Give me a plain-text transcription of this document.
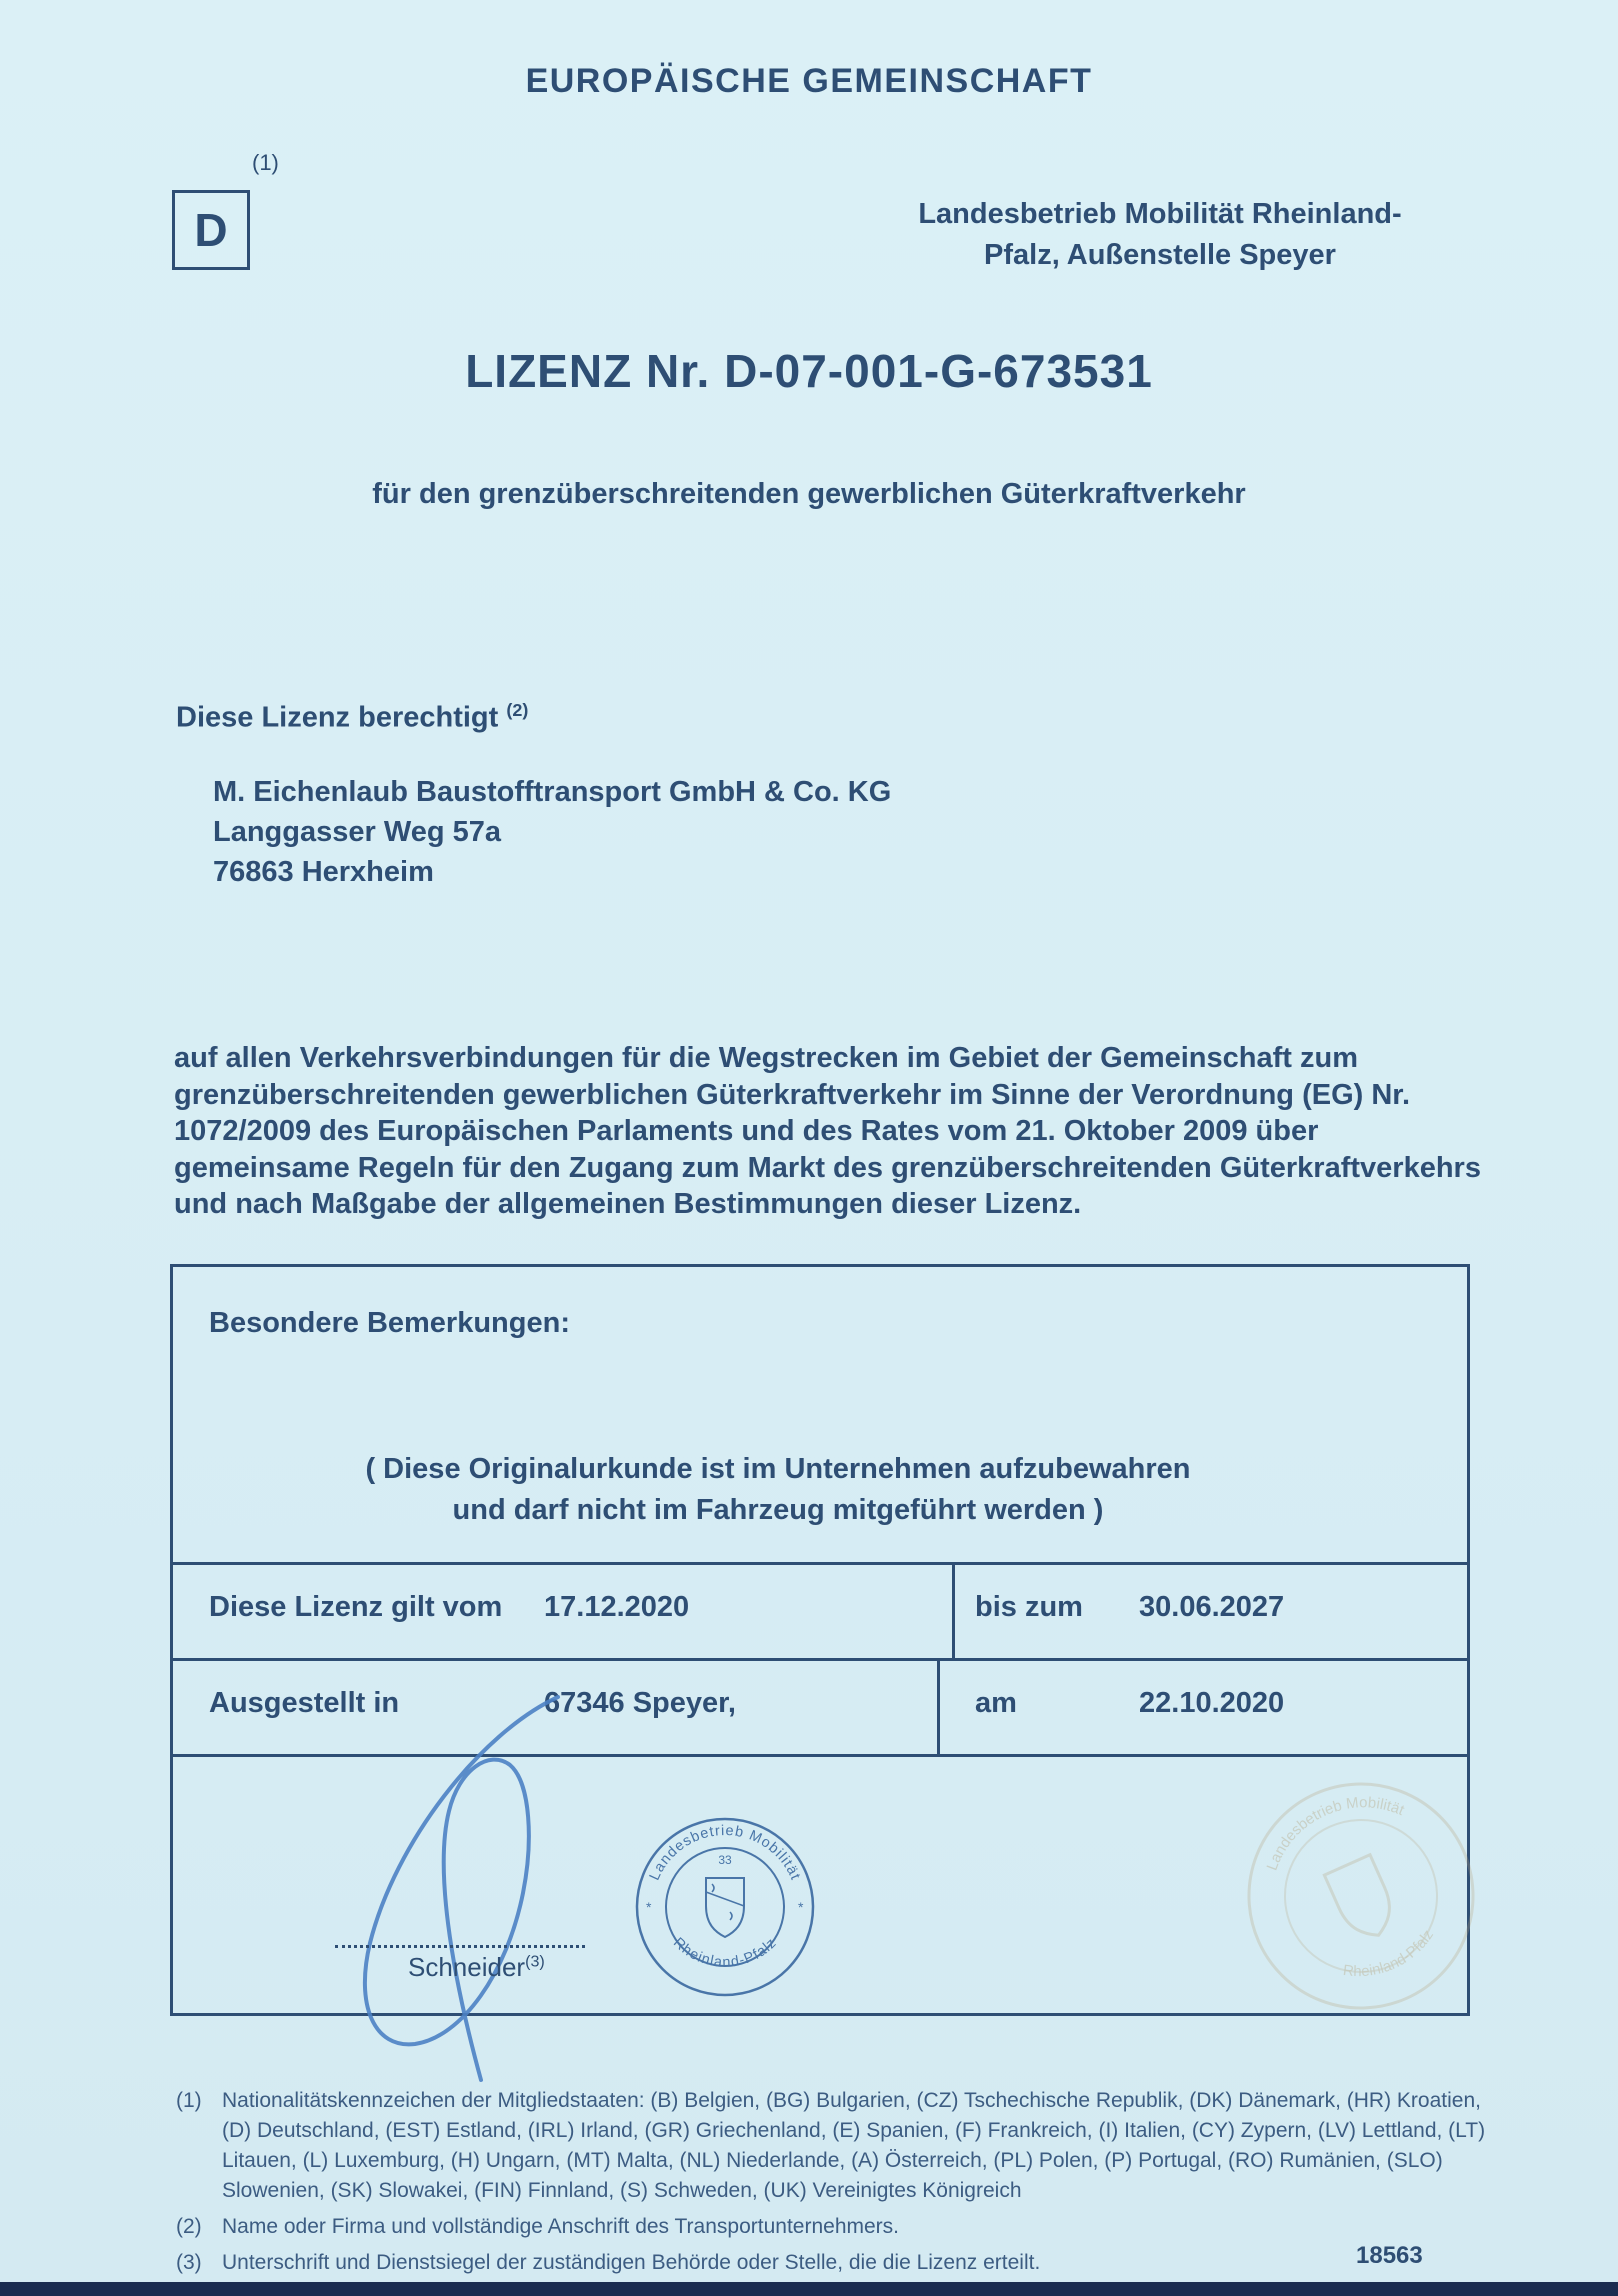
EUROPÄISCHE GEMEINSCHAFT
(1)
D	Landesbetrieb Mobilität Rheinland-
Pfalz, Außenstelle Speyer
LIZENZ Nr. D-07-001-G-673531
für den grenzüberschreitenden gewerblichen Güterkraftverkehr
Diese Lizenz berechtigt $^{(2)}$
M. Eichenlaub Baustofftransport GmbH & Co. KG
Langgasser Weg 57a
76863 Herxheim
auf allen Verkehrsverbindungen für die Wegstrecken im Gebiet der Gemeinschaft zum grenzüberschreitenden gewerblichen Güterkraftverkehr im Sinne der Verordnung (EG) Nr. 1072/2009 des Europäischen Parlaments und des Rates vom 21. Oktober 2009 über gemeinsame Regeln für den Zugang zum Markt des grenzüberschreitenden Güterkraftverkehrs und nach Maßgabe der allgemeinen Bestimmungen dieser Lizenz.
Besondere Bemerkungen:
( Diese Originalurkunde ist im Unternehmen aufzubewahren
und darf nicht im Fahrzeug mitgeführt werden )
Diese Lizenz gilt vom 17.12.2020	bis zum 30.06.2027
Ausgestellt in	67346 Speyer,	am	22.10.2020
Schneider$^{(3)}$
Landesbetrieb Mobilität
Rheinland-Pfalz
33
*	*
Landesbetrieb Mobilität
Rheinland-Pfalz
(1) Nationalitätskennzeichen der Mitgliedstaaten: (B) Belgien, (BG) Bulgarien, (CZ) Tschechische Republik, (DK) Dänemark, (HR) Kroatien, (D) Deutschland, (EST) Estland, (IRL) Irland, (GR) Griechenland, (E) Spanien, (F) Frankreich, (I) Italien, (CY) Zypern, (LV) Lettland, (LT) Litauen, (L) Luxemburg, (H) Ungarn, (MT) Malta, (NL) Niederlande, (A) Österreich, (PL) Polen, (P) Portugal, (RO) Rumänien, (SLO) Slowenien, (SK) Slowakei, (FIN) Finnland, (S) Schweden, (UK) Vereinigtes Königreich
(2) Name oder Firma und vollständige Anschrift des Transportunternehmers.
(3) Unterschrift und Dienstsiegel der zuständigen Behörde oder Stelle, die die Lizenz erteilt.	18563
